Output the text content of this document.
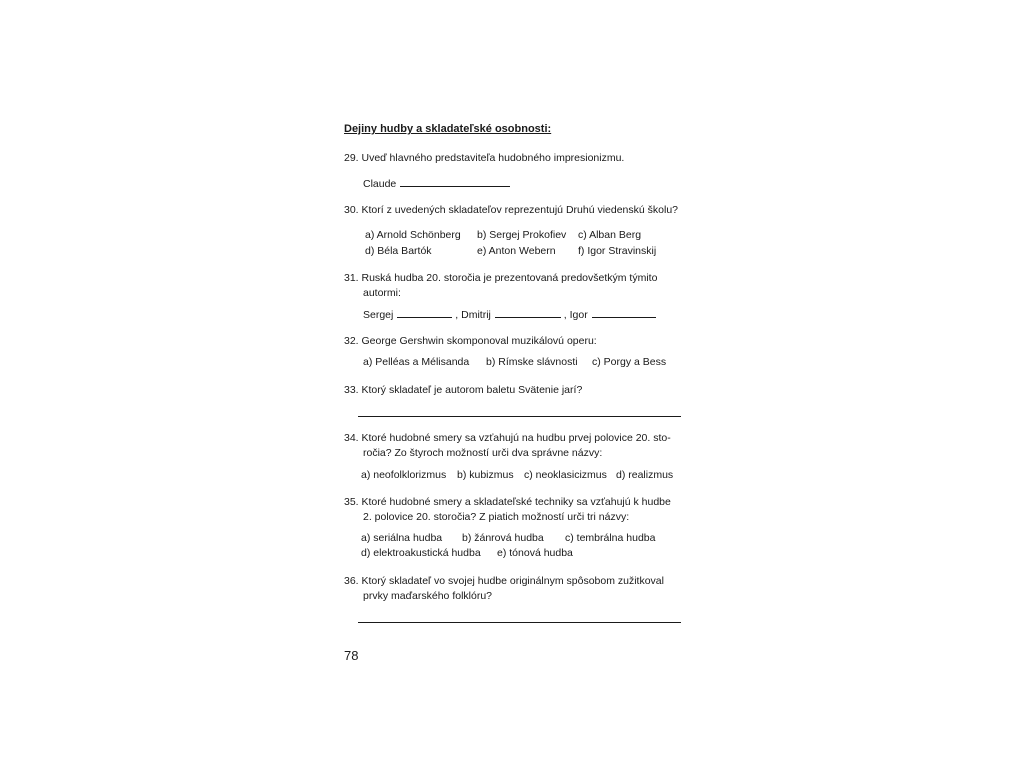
Dejiny hudby a skladateľské osobnosti:
29. Uveď hlavného predstaviteľa hudobného impresionizmu.
Claude
30. Ktorí z uvedených skladateľov reprezentujú Druhú viedenskú školu?
a) Arnold Schönberg b) Sergej Prokofiev c) Alban Berg
d) Béla Bartók	e) Anton Webern f) Igor Stravinskij
31. Ruská hudba 20. storočia je prezentovaná predovšetkým týmito
autormi:
Sergej	, Dmitrij	, Igor
32. George Gershwin skomponoval muzikálovú operu:
a) Pelléas a Mélisanda b) Rímske slávnosti c) Porgy a Bess
33. Ktorý skladateľ je autorom baletu Svätenie jarí?
34. Ktoré hudobné smery sa vzťahujú na hudbu prvej polovice 20. sto-
ročia? Zo štyroch možností urči dva správne názvy:
a) neofolklorizmus b) kubizmus c) neoklasicizmus d) realizmus
35. Ktoré hudobné smery a skladateľské techniky sa vzťahujú k hudbe
2. polovice 20. storočia? Z piatich možností urči tri názvy:
a) seriálna hudba b) žánrová hudba c) tembrálna hudba
d) elektroakustická hudba e) tónová hudba
36. Ktorý skladateľ vo svojej hudbe originálnym spôsobom zužitkoval
prvky maďarského folklóru?
78
